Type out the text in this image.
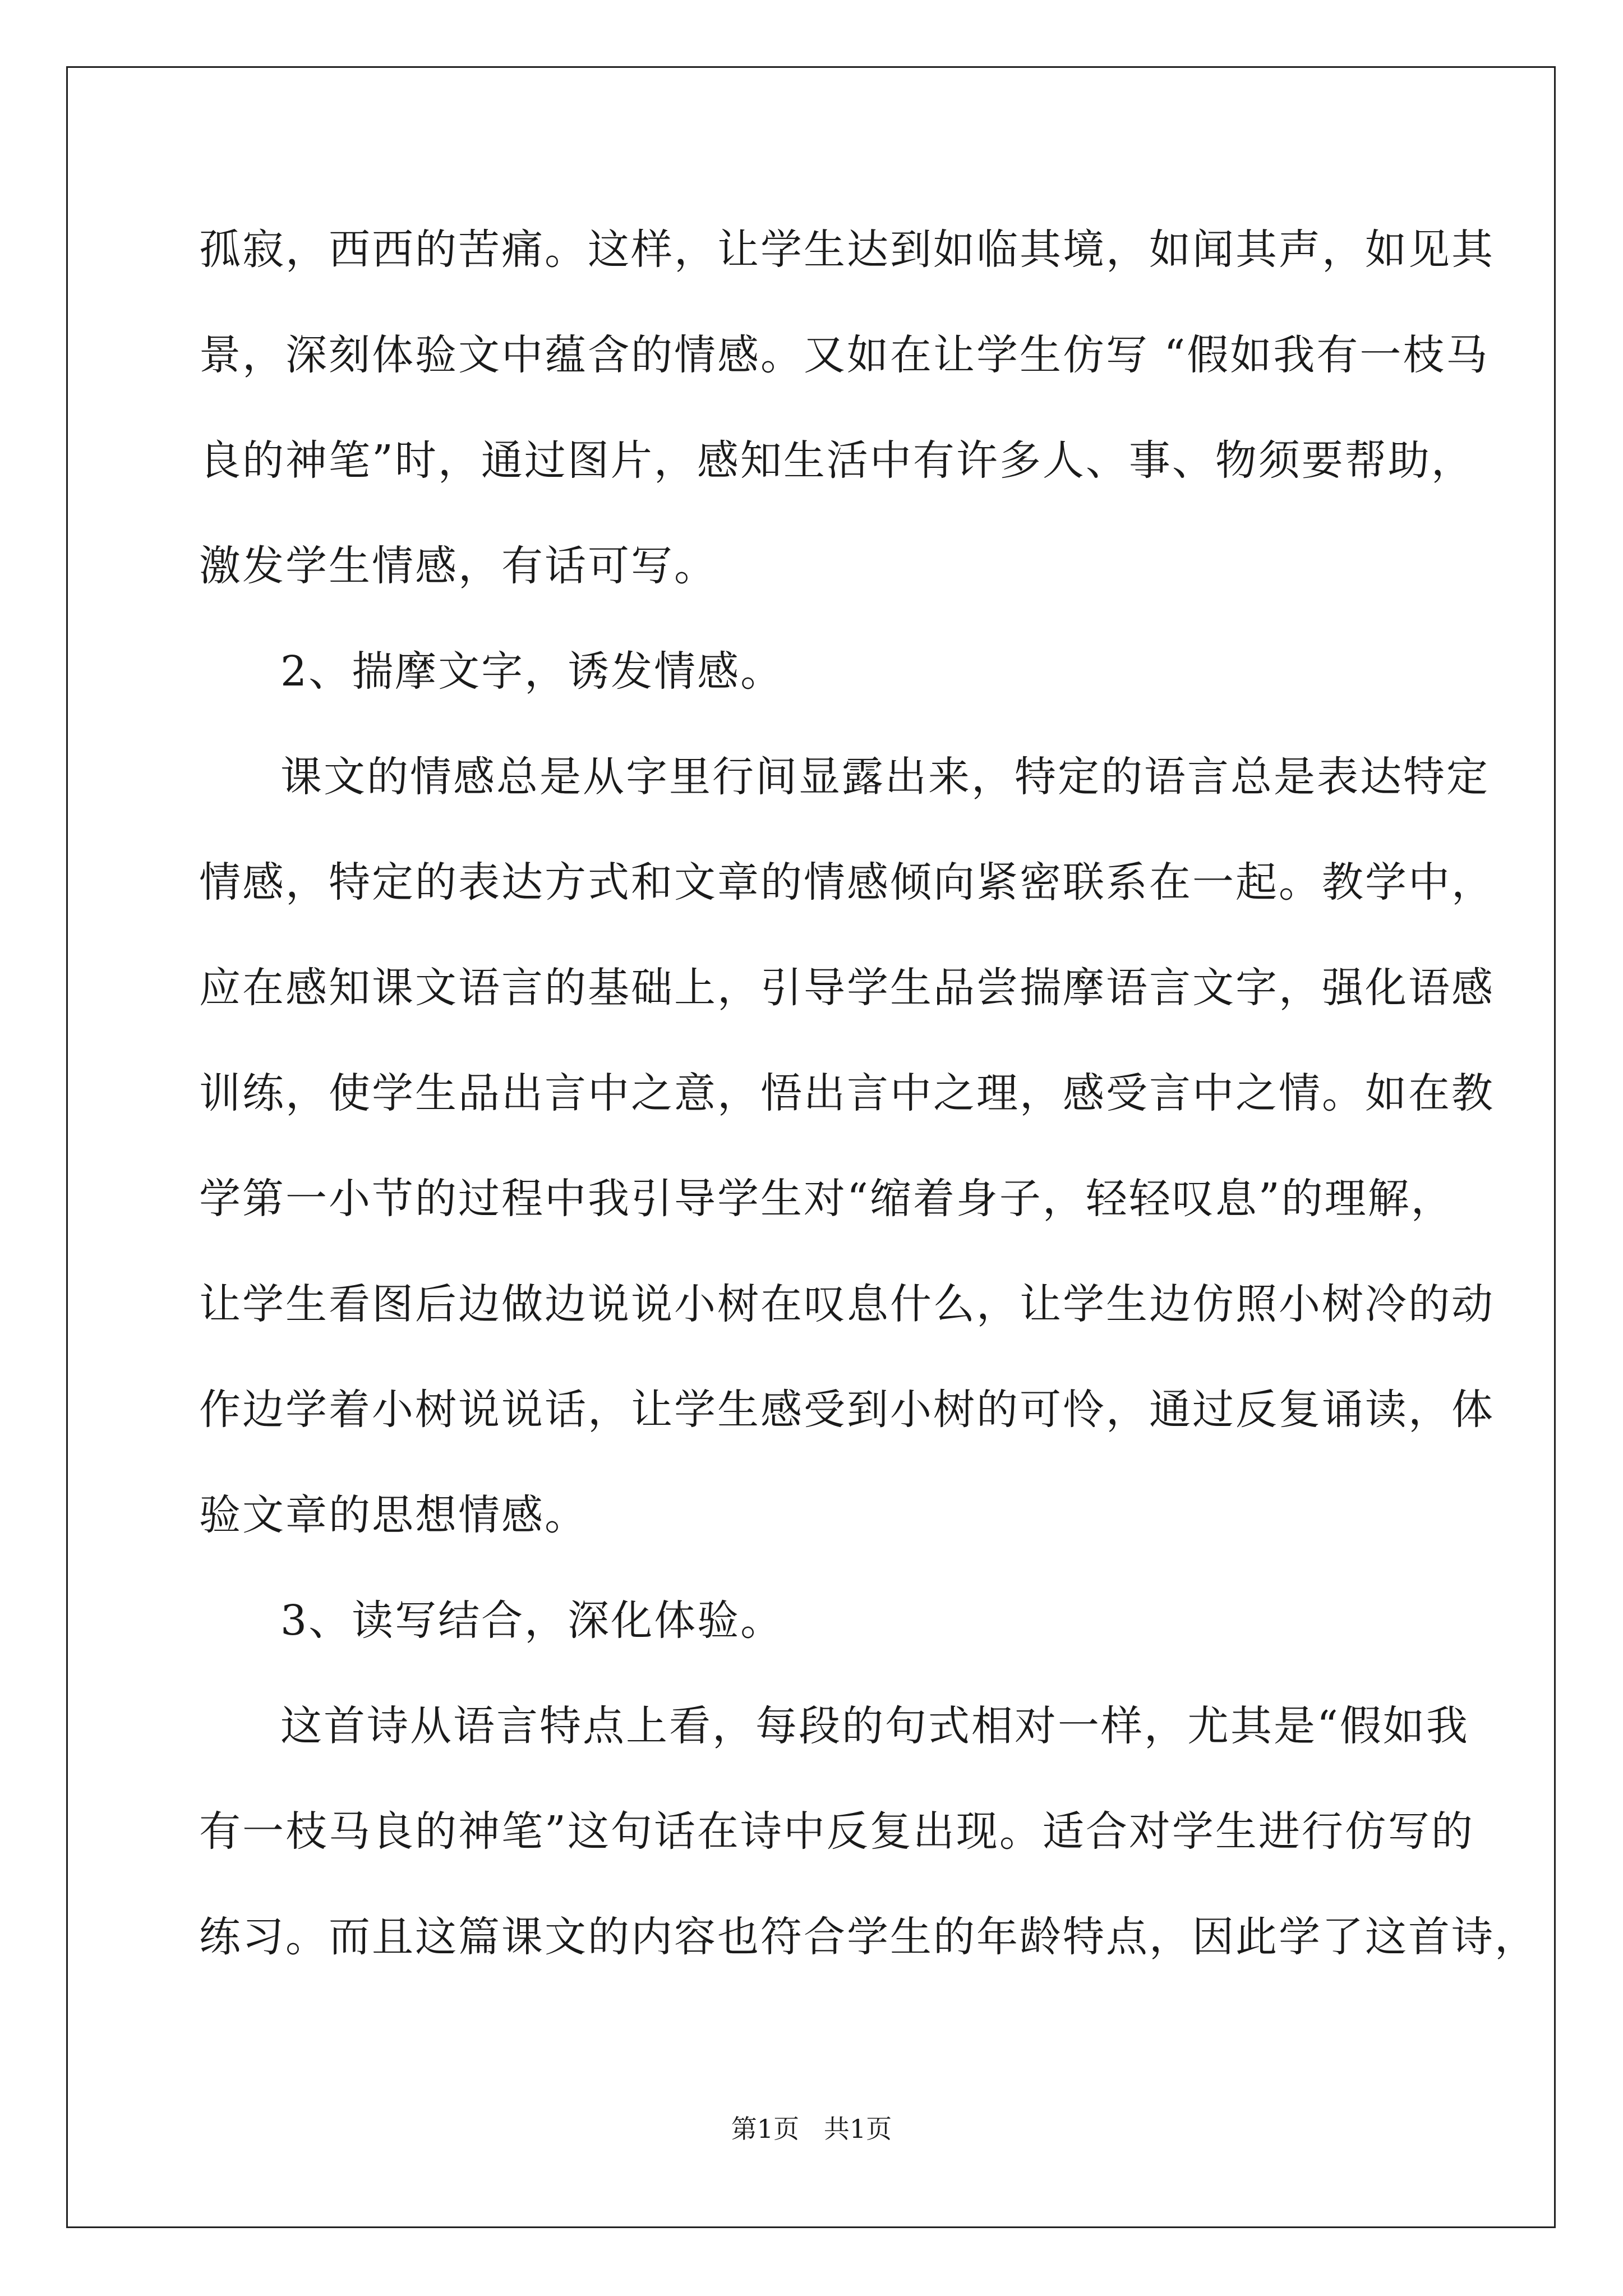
孤寂，西西的苦痛。这样，让学生达到如临其境，如闻其声，如见其
景，深刻体验文中蕴含的情感。又如在让学生仿写 “假如我有一枝马
良的神笔”时，通过图片，感知生活中有许多人、事、物须要帮助，
激发学生情感，有话可写。
2、揣摩文字，诱发情感。
课文的情感总是从字里行间显露出来，特定的语言总是表达特定
情感，特定的表达方式和文章的情感倾向紧密联系在一起。教学中，
应在感知课文语言的基础上，引导学生品尝揣摩语言文字，强化语感
训练，使学生品出言中之意，悟出言中之理，感受言中之情。如在教
学第一小节的过程中我引导学生对“缩着身子，轻轻叹息”的理解，
让学生看图后边做边说说小树在叹息什么，让学生边仿照小树冷的动
作边学着小树说说话，让学生感受到小树的可怜，通过反复诵读，体
验文章的思想情感。
3、读写结合，深化体验。
这首诗从语言特点上看，每段的句式相对一样，尤其是“假如我
有一枝马良的神笔”这句话在诗中反复出现。适合对学生进行仿写的
练习。而且这篇课文的内容也符合学生的年龄特点，因此学了这首诗，
第1页   共1页
